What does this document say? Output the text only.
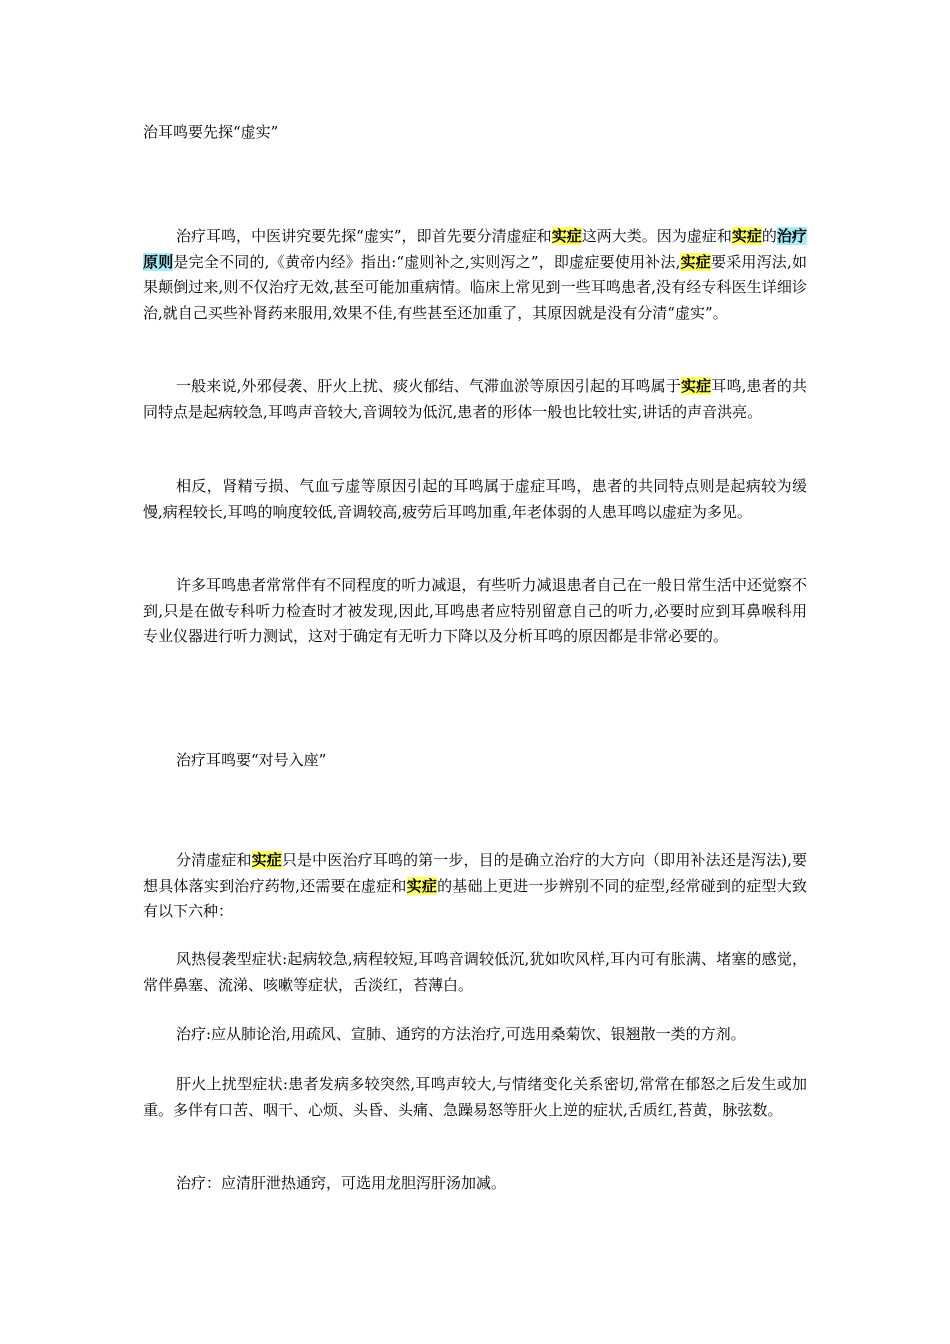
治耳鸣要先探“虚实”
治疗耳鸣，中医讲究要先探“虚实”，即首先要分清虚症和实症这两大类。因为虚症和实症的治疗原则是完全不同的,《黄帝内经》指出:“虚则补之,实则泻之”，即虚症要使用补法,实症要采用泻法,如果颠倒过来,则不仅治疗无效,甚至可能加重病情。临床上常见到一些耳鸣患者,没有经专科医生详细诊治,就自己买些补肾药来服用,效果不佳,有些甚至还加重了，其原因就是没有分清“虚实”。
一般来说,外邪侵袭、肝火上扰、痰火郁结、气滞血淤等原因引起的耳鸣属于实症耳鸣,患者的共同特点是起病较急,耳鸣声音较大,音调较为低沉,患者的形体一般也比较壮实,讲话的声音洪亮。
相反，肾精亏损、气血亏虚等原因引起的耳鸣属于虚症耳鸣，患者的共同特点则是起病较为缓慢,病程较长,耳鸣的响度较低,音调较高,疲劳后耳鸣加重,年老体弱的人患耳鸣以虚症为多见。
许多耳鸣患者常常伴有不同程度的听力减退，有些听力减退患者自己在一般日常生活中还觉察不到,只是在做专科听力检查时才被发现,因此,耳鸣患者应特别留意自己的听力,必要时应到耳鼻喉科用专业仪器进行听力测试，这对于确定有无听力下降以及分析耳鸣的原因都是非常必要的。
治疗耳鸣要“对号入座”
分清虚症和实症只是中医治疗耳鸣的第一步，目的是确立治疗的大方向（即用补法还是泻法),要想具体落实到治疗药物,还需要在虚症和实症的基础上更进一步辨别不同的症型,经常碰到的症型大致有以下六种：
风热侵袭型症状:起病较急,病程较短,耳鸣音调较低沉,犹如吹风样,耳内可有胀满、堵塞的感觉，常伴鼻塞、流涕、咳嗽等症状，舌淡红，苔薄白。
治疗:应从肺论治,用疏风、宣肺、通窍的方法治疗,可选用桑菊饮、银翘散一类的方剂。
肝火上扰型症状:患者发病多较突然,耳鸣声较大,与情绪变化关系密切,常常在郁怒之后发生或加重。多伴有口苦、咽干、心烦、头昏、头痛、急躁易怒等肝火上逆的症状,舌质红,苔黄，脉弦数。
治疗：应清肝泄热通窍，可选用龙胆泻肝汤加减。
